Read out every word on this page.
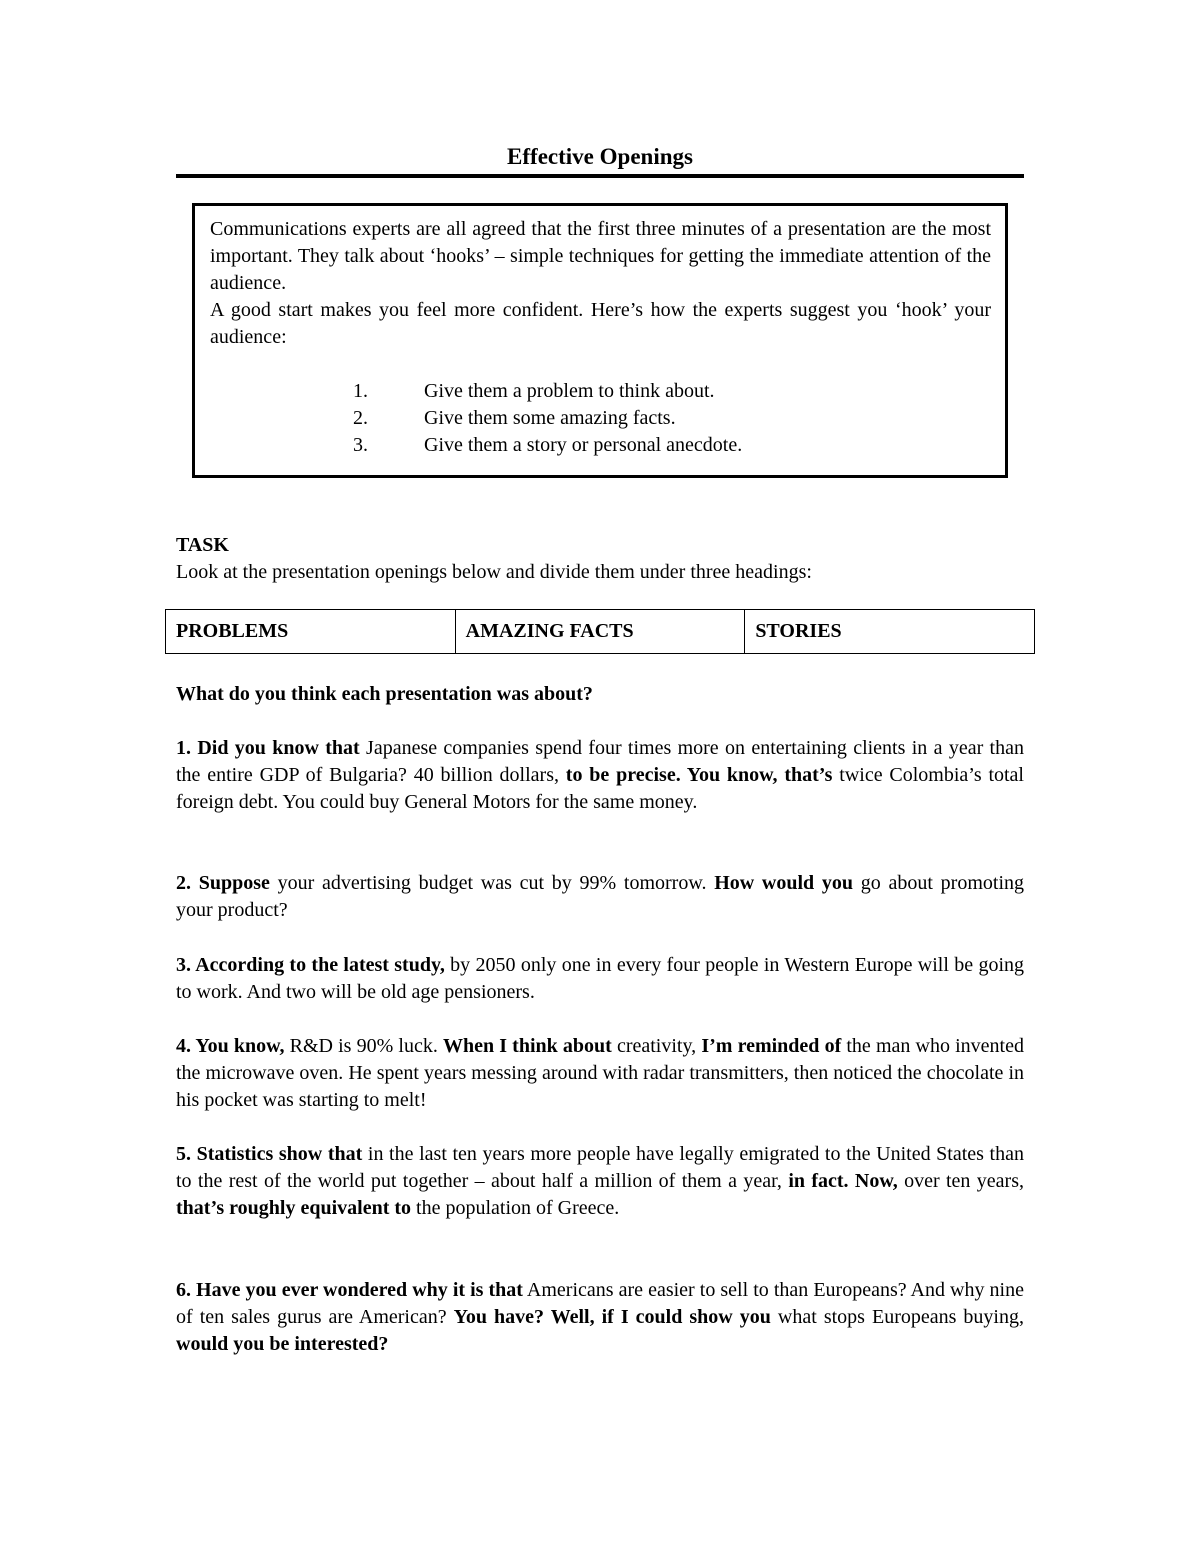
Effective Openings

Communications experts are all agreed that the first three minutes of a presentation are the most important. They talk about ‘hooks’ – simple techniques for getting the immediate attention of the audience.

A good start makes you feel more confident. Here’s how the experts suggest you ‘hook’ your audience:

1.	Give them a problem to think about.
2.	Give them some amazing facts.
3.	Give them a story or personal anecdote.
TASK
Look at the presentation openings below and divide them under three headings:
PROBLEMS	AMAZING FACTS	STORIES
What do you think each presentation was about?

1. Did you know that Japanese companies spend four times more on entertaining clients in a year than the entire GDP of Bulgaria? 40 billion dollars, to be precise. You know, that’s twice Colombia’s total foreign debt. You could buy General Motors for the same money.

2. Suppose your advertising budget was cut by 99% tomorrow. How would you go about promoting your product?

3. According to the latest study, by 2050 only one in every four people in Western Europe will be going to work. And two will be old age pensioners.

4. You know, R&D is 90% luck. When I think about creativity, I’m reminded of the man who invented the microwave oven. He spent years messing around with radar transmitters, then noticed the chocolate in his pocket was starting to melt!

5. Statistics show that in the last ten years more people have legally emigrated to the United States than to the rest of the world put together – about half a million of them a year, in fact. Now, over ten years, that’s roughly equivalent to the population of Greece.

6. Have you ever wondered why it is that Americans are easier to sell to than Europeans? And why nine of ten sales gurus are American? You have? Well, if I could show you what stops Europeans buying, would you be interested?
